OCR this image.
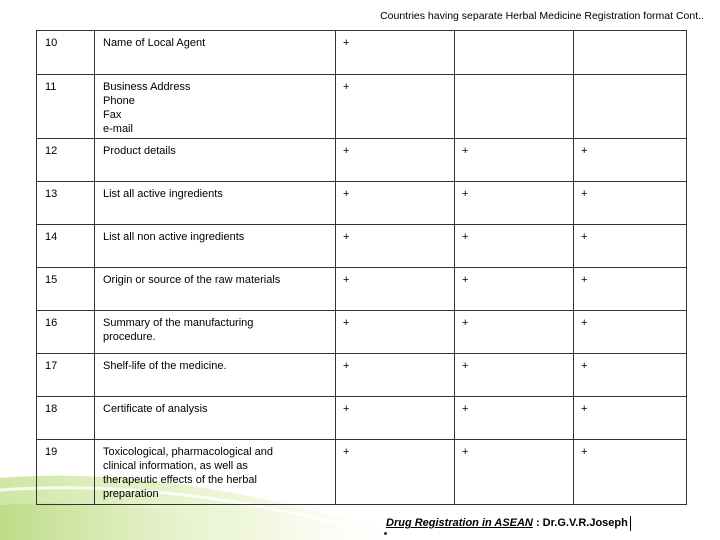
Countries having separate Herbal Medicine Registration format Cont..
10	Name of Local Agent	+		
11	Business Address
Phone
Fax
e-mail	+		
12	Product details	+	+	+
13	List all active ingredients	+	+	+
14	List all non active ingredients	+	+	+
15	Origin or source of the raw materials	+	+	+
16	Summary of the manufacturing
procedure.	+	+	+
17	Shelf-life of the medicine.	+	+	+
18	Certificate of analysis	+	+	+
19	Toxicological, pharmacological and
clinical information, as well as
therapeutic effects of the herbal
preparation	+	+	+
Drug Registration in ASEAN : Dr.G.V.R.Joseph
